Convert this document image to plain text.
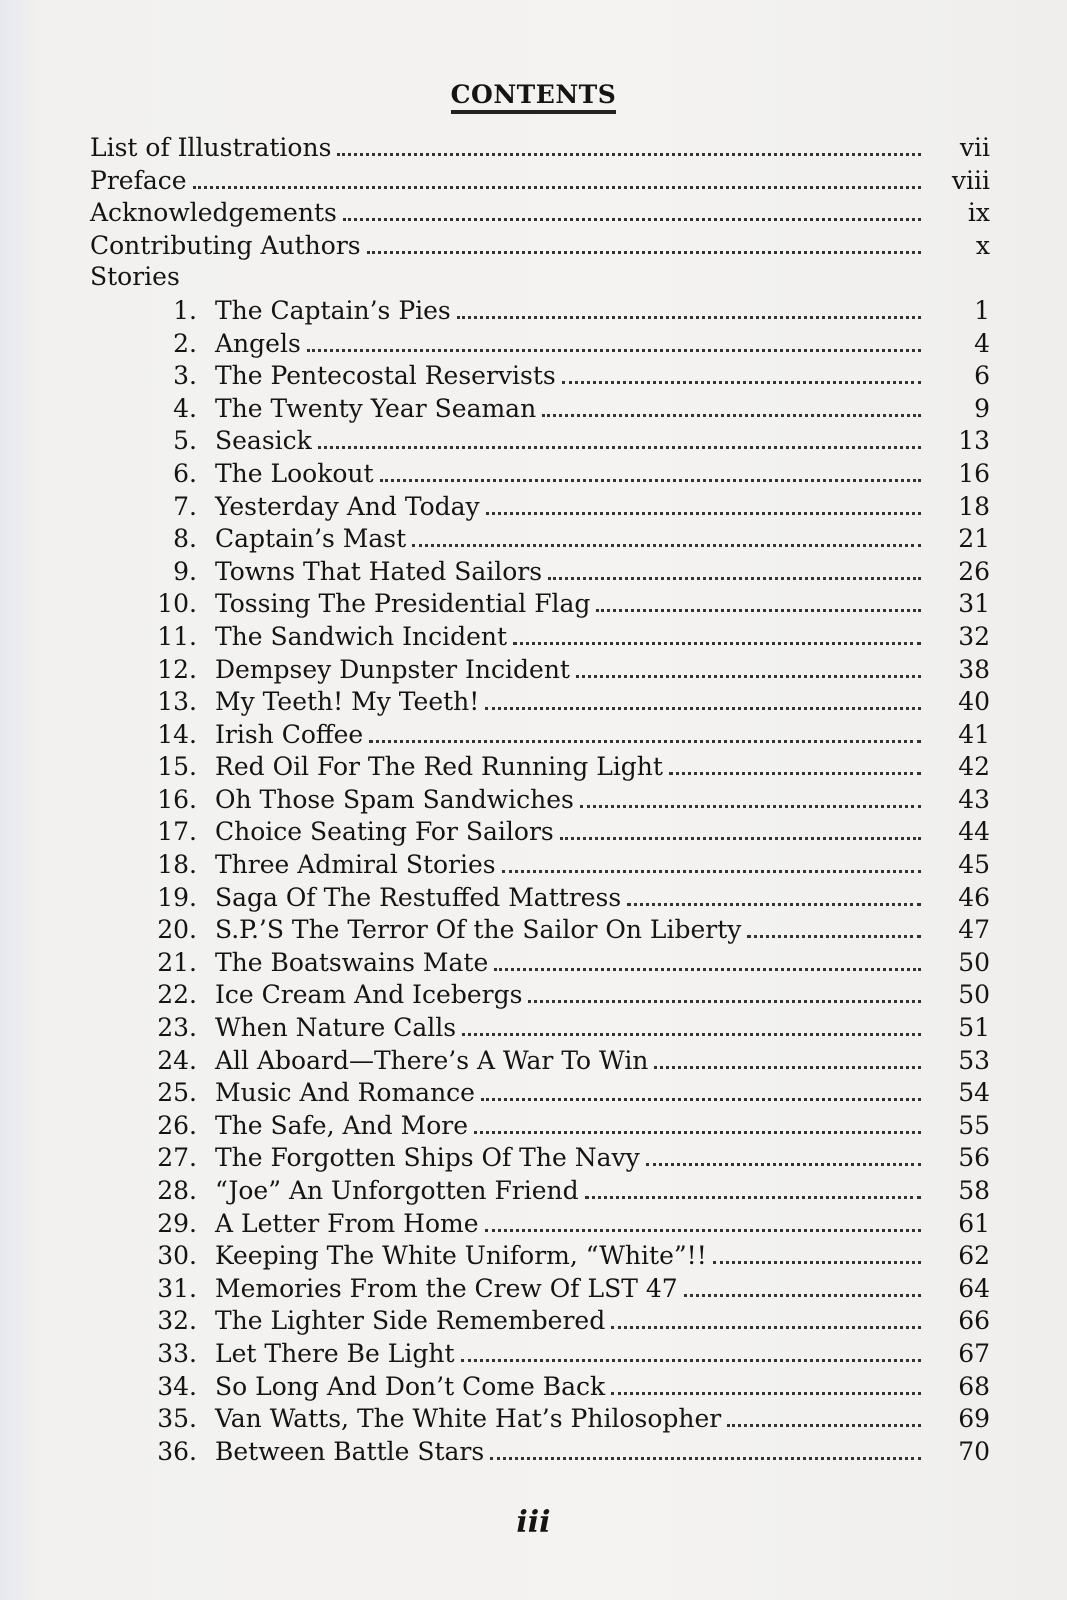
CONTENTS
List of Illustrations	vii
Preface	viii
Acknowledgements	ix
Contributing Authors	x
Stories
1. The Captain’s Pies	1
2. Angels	4
3. The Pentecostal Reservists	6
4. The Twenty Year Seaman	9
5. Seasick	13
6. The Lookout	16
7. Yesterday And Today	18
8. Captain’s Mast	21
9. Towns That Hated Sailors	26
10. Tossing The Presidential Flag	31
11. The Sandwich Incident	32
12. Dempsey Dunpster Incident	38
13. My Teeth! My Teeth!	40
14. Irish Coffee	41
15. Red Oil For The Red Running Light	42
16. Oh Those Spam Sandwiches	43
17. Choice Seating For Sailors	44
18. Three Admiral Stories	45
19. Saga Of The Restuffed Mattress	46
20. S.P.’S The Terror Of the Sailor On Liberty	47
21. The Boatswains Mate	50
22. Ice Cream And Icebergs	50
23. When Nature Calls	51
24. All Aboard—There’s A War To Win	53
25. Music And Romance	54
26. The Safe, And More	55
27. The Forgotten Ships Of The Navy	56
28. “Joe” An Unforgotten Friend	58
29. A Letter From Home	61
30. Keeping The White Uniform, “White”!!	62
31. Memories From the Crew Of LST 47	64
32. The Lighter Side Remembered	66
33. Let There Be Light	67
34. So Long And Don’t Come Back	68
35. Van Watts, The White Hat’s Philosopher	69
36. Between Battle Stars	70
iii
